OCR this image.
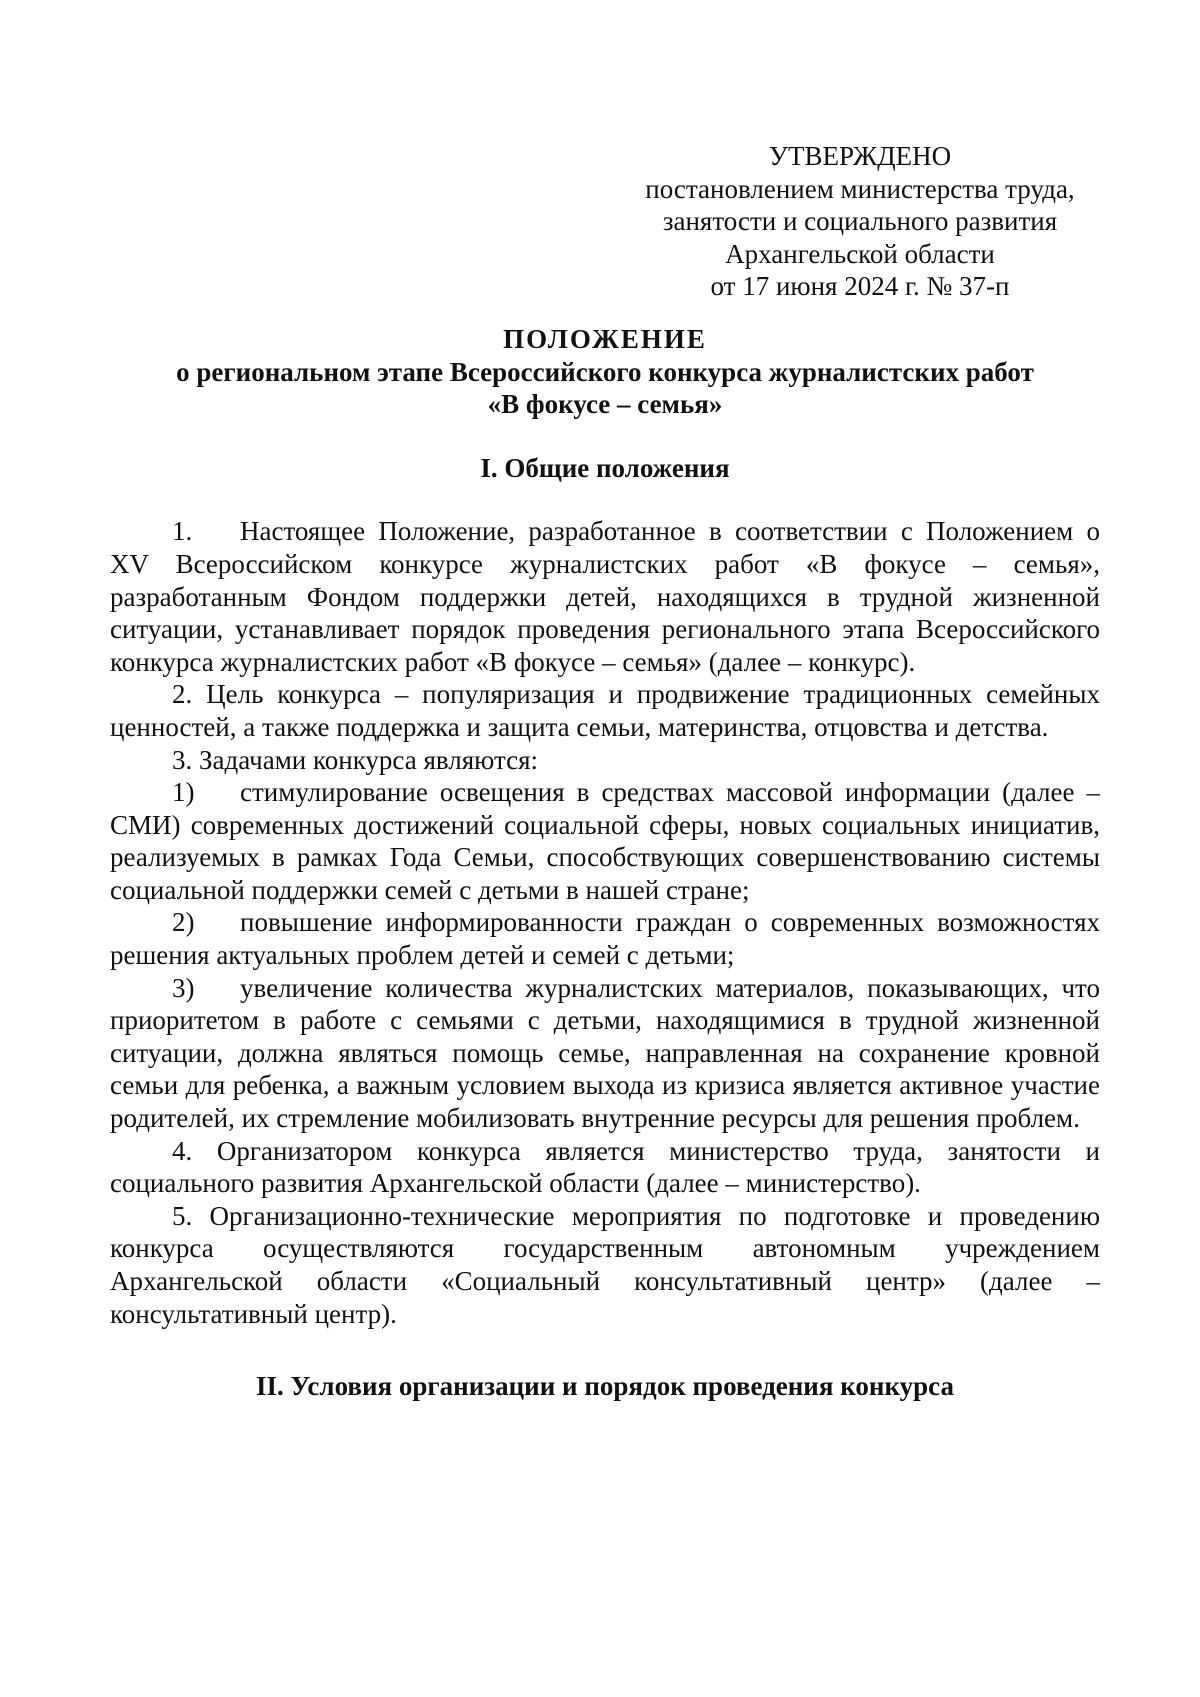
УТВЕРЖДЕНО
постановлением министерства труда,
занятости и социального развития
Архангельской области
от 17 июня 2024 г. № 37-п
ПОЛОЖЕНИЕ
о региональном этапе Всероссийского конкурса журналистских работ
«В фокусе – семья»
I. Общие положения

1. Настоящее Положение, разработанное в соответствии с Положением о XV Всероссийском конкурсе журналистских работ «В фокусе – семья», разработанным Фондом поддержки детей, находящихся в трудной жизненной ситуации, устанавливает порядок проведения регионального этапа Всероссийского конкурса журналистских работ «В фокусе – семья» (далее – конкурс).

2. Цель конкурса – популяризация и продвижение традиционных семейных ценностей, а также поддержка и защита семьи, материнства, отцовства и детства.

3. Задачами конкурса являются:

1) стимулирование освещения в средствах массовой информации (далее – СМИ) современных достижений социальной сферы, новых социальных инициатив, реализуемых в рамках Года Семьи, способствующих совершенствованию системы социальной поддержки семей с детьми в нашей стране;

2) повышение информированности граждан о современных возможностях решения актуальных проблем детей и семей с детьми;

3) увеличение количества журналистских материалов, показывающих, что приоритетом в работе с семьями с детьми, находящимися в трудной жизненной ситуации, должна являться помощь семье, направленная на сохранение кровной семьи для ребенка, а важным условием выхода из кризиса является активное участие родителей, их стремление мобилизовать внутренние ресурсы для решения проблем.

4. Организатором конкурса является министерство труда, занятости и социального развития Архангельской области (далее – министерство).

5. Организационно-технические мероприятия по подготовке и проведению конкурса осуществляются государственным автономным учреждением Архангельской области «Социальный консультативный центр» (далее – консультативный центр).

II. Условия организации и порядок проведения конкурса
